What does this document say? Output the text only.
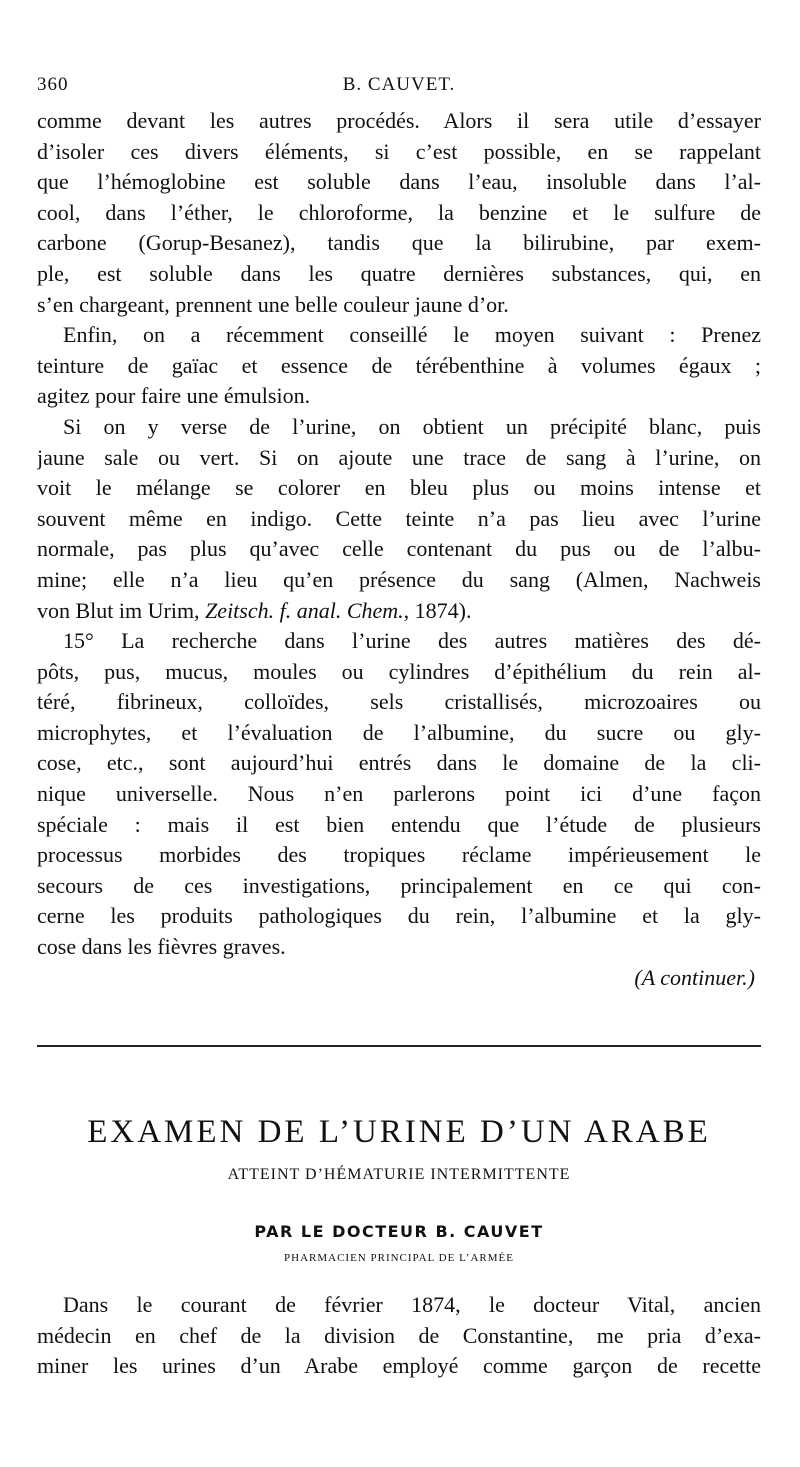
360	B. CAUVET.
comme devant les autres procédés. Alors il sera utile d’essayer
d’isoler ces divers éléments, si c’est possible, en se rappelant
que l’hémoglobine est soluble dans l’eau, insoluble dans l’al-
cool, dans l’éther, le chloroforme, la benzine et le sulfure de
carbone (Gorup-Besanez), tandis que la bilirubine, par exem-
ple, est soluble dans les quatre dernières substances, qui, en
s’en chargeant, prennent une belle couleur jaune d’or.
Enfin, on a récemment conseillé le moyen suivant : Prenez
teinture de gaïac et essence de térébenthine à volumes égaux ;
agitez pour faire une émulsion.
Si on y verse de l’urine, on obtient un précipité blanc, puis
jaune sale ou vert. Si on ajoute une trace de sang à l’urine, on
voit le mélange se colorer en bleu plus ou moins intense et
souvent même en indigo. Cette teinte n’a pas lieu avec l’urine
normale, pas plus qu’avec celle contenant du pus ou de l’albu-
mine; elle n’a lieu qu’en présence du sang (Almen, Nachweis
von Blut im Urim, Zeitsch. f. anal. Chem., 1874).
15° La recherche dans l’urine des autres matières des dé-
pôts, pus, mucus, moules ou cylindres d’épithélium du rein al-
téré, fibrineux, colloïdes, sels cristallisés, microzoaires ou
microphytes, et l’évaluation de l’albumine, du sucre ou gly-
cose, etc., sont aujourd’hui entrés dans le domaine de la cli-
nique universelle. Nous n’en parlerons point ici d’une façon
spéciale : mais il est bien entendu que l’étude de plusieurs
processus morbides des tropiques réclame impérieusement le
secours de ces investigations, principalement en ce qui con-
cerne les produits pathologiques du rein, l’albumine et la gly-
cose dans les fièvres graves.
(A continuer.)
EXAMEN DE L’URINE D’UN ARABE
ATTEINT D’HÉMATURIE INTERMITTENTE
PAR LE DOCTEUR B. CAUVET
PHARMACIEN PRINCIPAL DE L’ARMÉE
Dans le courant de février 1874, le docteur Vital, ancien
médecin en chef de la division de Constantine, me pria d’exa-
miner les urines d’un Arabe employé comme garçon de recette
